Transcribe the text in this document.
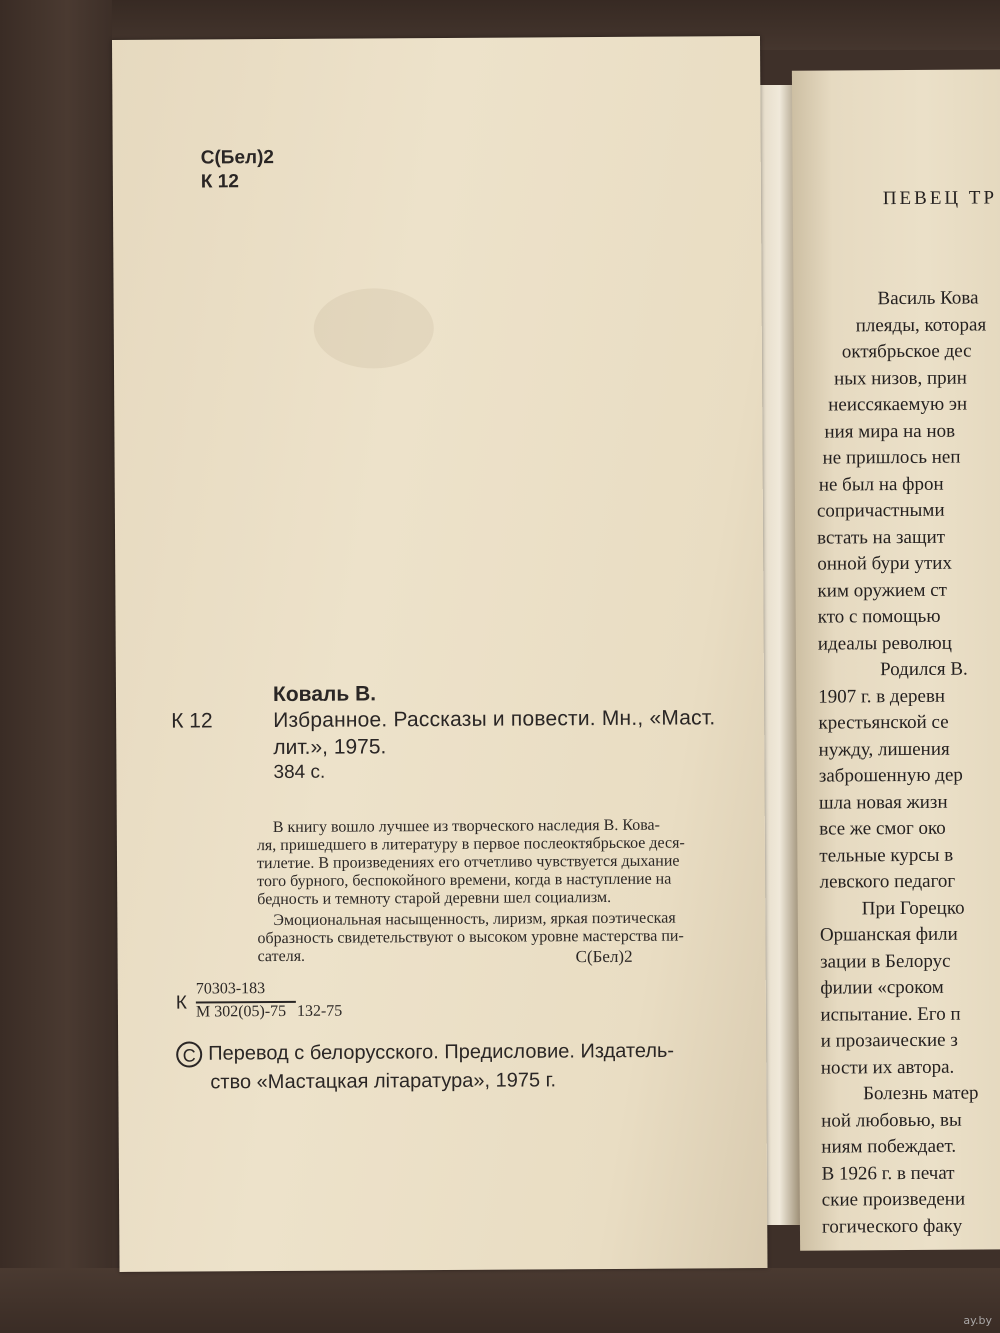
ПЕВЕЦ ТР
Василь Кова
плеяды, которая
октябрьское дес
ных низов, прин
неиссякаемую эн
ния мира на нов
не пришлось неп
не был на фрон
сопричастными
встать на защит
онной бури утих
ким оружием ст
кто с помощью
идеалы революц
Родился В.
1907 г. в деревн
крестьянской се
нужду, лишения
заброшенную дер
шла новая жизн
все же смог око
тельные курсы в
левского педагог
При Горецко
Оршанская фили
зации в Белорус
филии «сроком
испытание. Его п
и прозаические з
ности их автора.
Болезнь матер
ной любовью, вы
ниям побеждает.
В 1926 г. в печат
ские произведени
гогического факу
С(Бел)2
К 12
Коваль В.
К 12	Избранное. Рассказы и повести. Мн., «Маст.
лит.», 1975.
384 с.
В книгу вошло лучшее из творческого наследия В. Кова-
ля, пришедшего в литературу в первое послеоктябрьское деся-
тилетие. В произведениях его отчетливо чувствуется дыхание
того бурного, беспокойного времени, когда в наступление на
бедность и темноту старой деревни шел социализм.
Эмоциональная насыщенность, лиризм, яркая поэтическая
образность свидетельствуют о высоком уровне мастерства пи-
сателя.	С(Бел)2
К
70303-183
М 302(05)-75 132-75
C Перевод с белорусского. Предисловие. Издатель-
ство «Мастацкая літаратура», 1975 г.
ay.by
